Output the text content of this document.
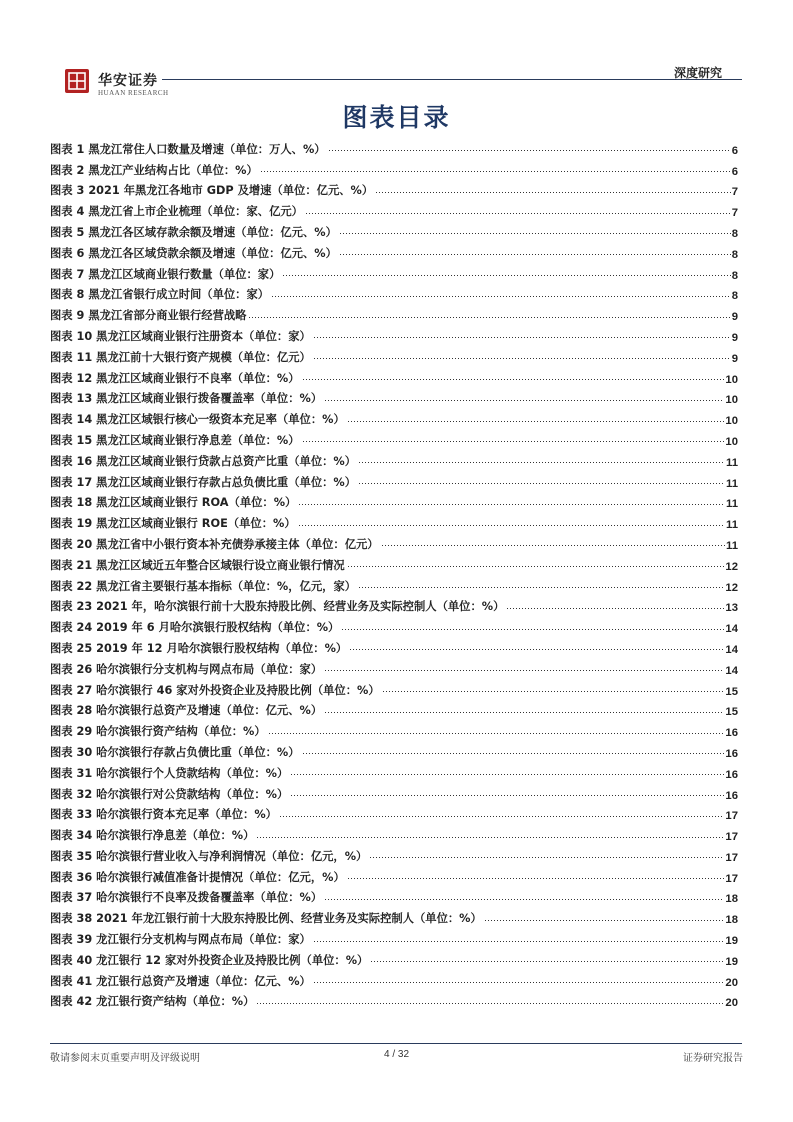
华安证券
HUAAN RESEARCH
深度研究
图表目录
图表 1 黑龙江常住人口数量及增速（单位：万人、%）	6
图表 2 黑龙江产业结构占比（单位：%）	6
图表 3 2021 年黑龙江各地市 GDP 及增速（单位：亿元、%）	7
图表 4 黑龙江省上市企业梳理（单位：家、亿元）	7
图表 5 黑龙江各区域存款余额及增速（单位：亿元、%）	8
图表 6 黑龙江各区域贷款余额及增速（单位：亿元、%）	8
图表 7 黑龙江区域商业银行数量（单位：家）	8
图表 8 黑龙江省银行成立时间（单位：家）	8
图表 9 黑龙江省部分商业银行经营战略	9
图表 10 黑龙江区域商业银行注册资本（单位：家）	9
图表 11 黑龙江前十大银行资产规模（单位：亿元）	9
图表 12 黑龙江区域商业银行不良率（单位：%）	10
图表 13 黑龙江区域商业银行拨备覆盖率（单位：%）	10
图表 14 黑龙江区域银行核心一级资本充足率（单位：%）	10
图表 15 黑龙江区域商业银行净息差（单位：%）	10
图表 16 黑龙江区域商业银行贷款占总资产比重（单位：%）	11
图表 17 黑龙江区域商业银行存款占总负债比重（单位：%）	11
图表 18 黑龙江区域商业银行 ROA（单位：%）	11
图表 19 黑龙江区域商业银行 ROE（单位：%）	11
图表 20 黑龙江省中小银行资本补充债券承接主体（单位：亿元）	11
图表 21 黑龙江区域近五年整合区域银行设立商业银行情况	12
图表 22 黑龙江省主要银行基本指标（单位：%，亿元，家）	12
图表 23 2021 年，哈尔滨银行前十大股东持股比例、经营业务及实际控制人（单位：%）	13
图表 24 2019 年 6 月哈尔滨银行股权结构（单位：%）	14
图表 25 2019 年 12 月哈尔滨银行股权结构（单位：%）	14
图表 26 哈尔滨银行分支机构与网点布局（单位：家）	14
图表 27 哈尔滨银行 46 家对外投资企业及持股比例（单位：%）	15
图表 28 哈尔滨银行总资产及增速（单位：亿元、%）	15
图表 29 哈尔滨银行资产结构（单位：%）	16
图表 30 哈尔滨银行存款占负债比重（单位：%）	16
图表 31 哈尔滨银行个人贷款结构（单位：%）	16
图表 32 哈尔滨银行对公贷款结构（单位：%）	16
图表 33 哈尔滨银行资本充足率（单位：%）	17
图表 34 哈尔滨银行净息差（单位：%）	17
图表 35 哈尔滨银行营业收入与净利润情况（单位：亿元，%）	17
图表 36 哈尔滨银行减值准备计提情况（单位：亿元，%）	17
图表 37 哈尔滨银行不良率及拨备覆盖率（单位：%）	18
图表 38 2021 年龙江银行前十大股东持股比例、经营业务及实际控制人（单位：%）	18
图表 39 龙江银行分支机构与网点布局（单位：家）	19
图表 40 龙江银行 12 家对外投资企业及持股比例（单位：%）	19
图表 41 龙江银行总资产及增速（单位：亿元、%）	20
图表 42 龙江银行资产结构（单位：%）	20
敬请参阅末页重要声明及评级说明	4 / 32	证券研究报告
